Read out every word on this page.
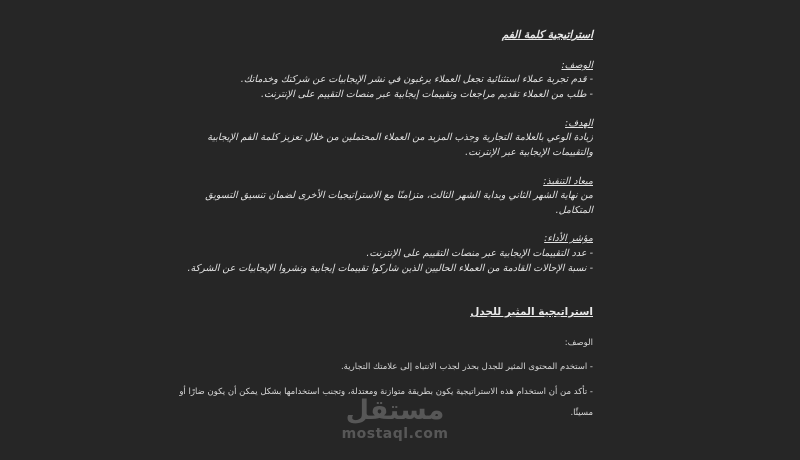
استراتيجية كلمة الفم

الوصف:

- قدم تجربة عملاء استثنائية تجعل العملاء يرغبون في نشر الإيجابيات عن شركتك وخدماتك.

- طلب من العملاء تقديم مراجعات وتقييمات إيجابية عبر منصات التقييم على الإنترنت.

الهدف:

زيادة الوعي بالعلامة التجارية وجذب المزيد من العملاء المحتملين من خلال تعزيز كلمة الفم الإيجابية

والتقييمات الإيجابية عبر الإنترنت.

ميعاد التنفيذ:

من نهاية الشهر الثاني وبداية الشهر الثالث، متزامنًا مع الاستراتيجيات الأخرى لضمان تنسيق التسويق

المتكامل.

مؤشر الأداء:

- عدد التقييمات الإيجابية عبر منصات التقييم على الإنترنت.

- نسبة الإحالات القادمة من العملاء الحاليين الذين شاركوا تقييمات إيجابية ونشروا الإيجابيات عن الشركة.

استراتيجية المثير للجدل

الوصف:

- استخدم المحتوى المثير للجدل بحذر لجذب الانتباه إلى علامتك التجارية.

- تأكد من أن استخدام هذه الاستراتيجية يكون بطريقة متوازنة ومعتدلة، وتجنب استخدامها بشكل يمكن أن يكون ضارًا أو

مسيئًا.

مستقل
mostaql.com
